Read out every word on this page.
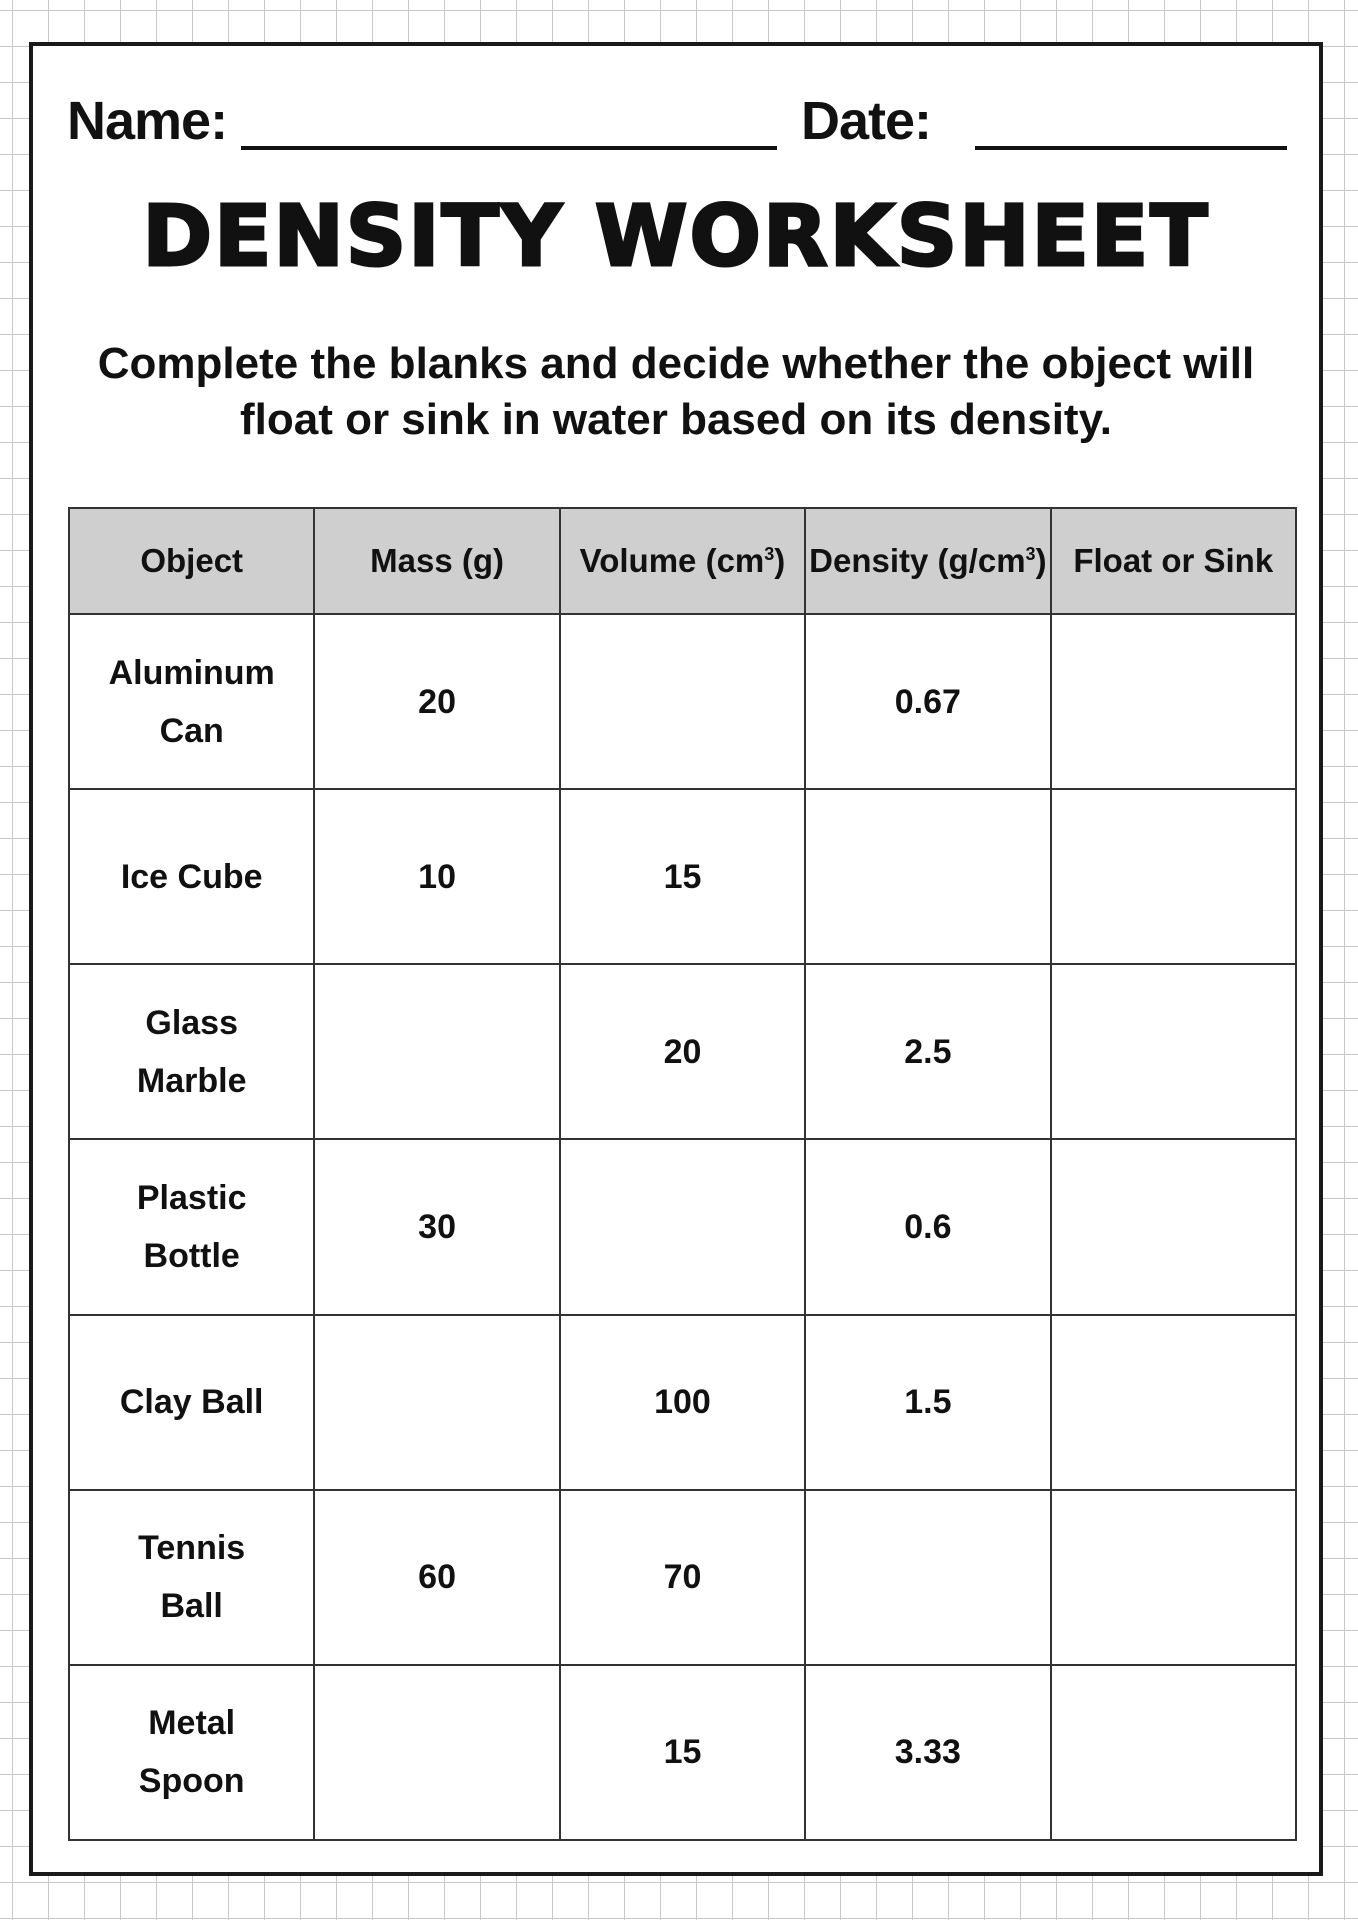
Name:	Date:
DENSITY WORKSHEET
Complete the blanks and decide whether the object will float or sink in water based on its density.
Object	Mass (g)	Volume $(cm^3)$	Density $(g/cm^3)$	Float or Sink

Aluminum Can	20		0.67	

Ice Cube	10	15		

Glass Marble		20	2.5	

Plastic Bottle	30		0.6	

Clay Ball		100	1.5	

Tennis Ball	60	70		

Metal Spoon		15	3.33	
